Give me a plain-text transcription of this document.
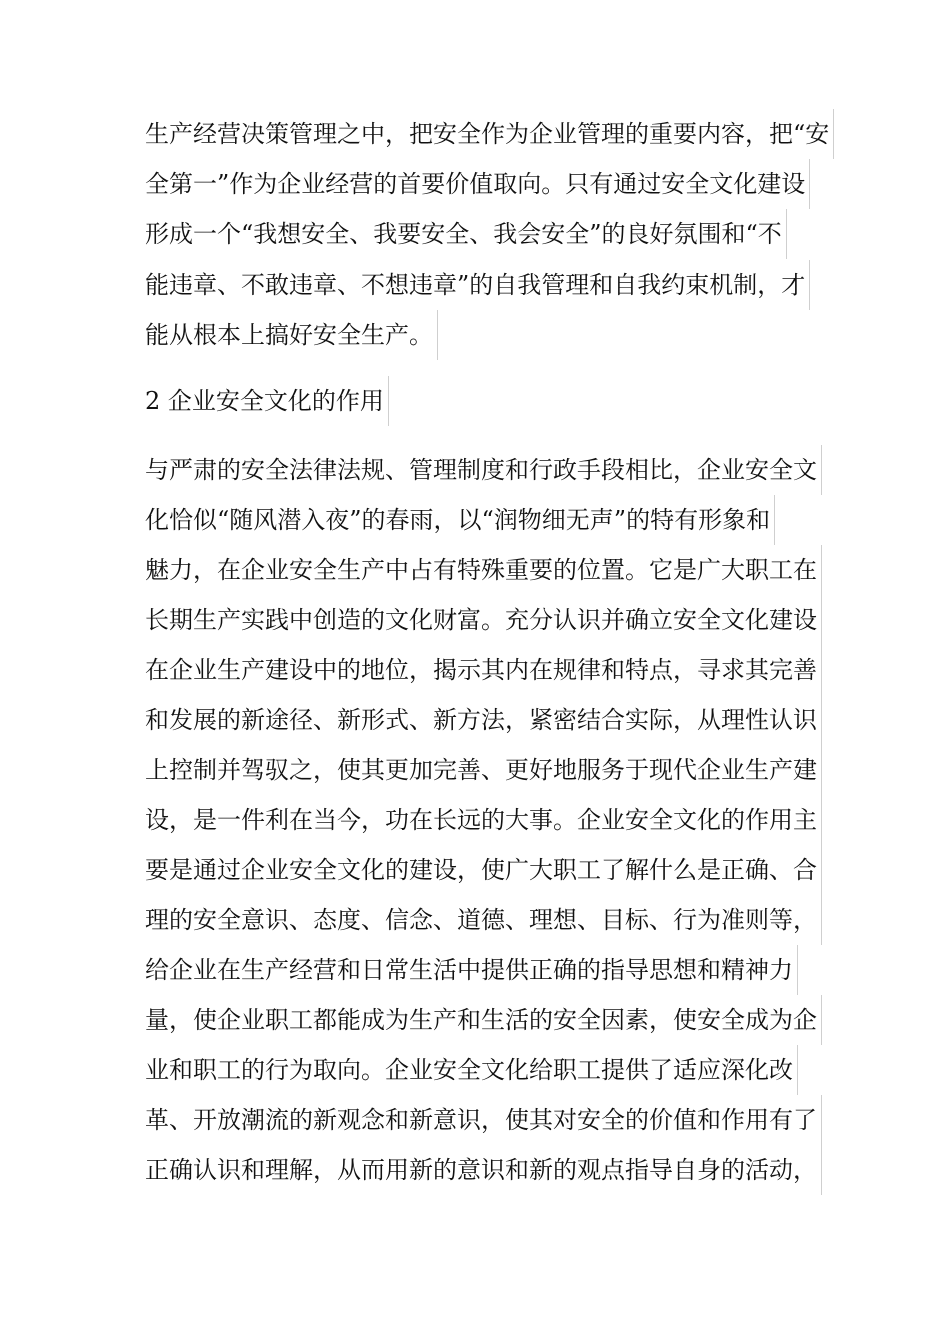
生产经营决策管理之中，把安全作为企业管理的重要内容，把“安
全第一”作为企业经营的首要价值取向。只有通过安全文化建设
形成一个“我想安全、我要安全、我会安全”的良好氛围和“不
能违章、不敢违章、不想违章”的自我管理和自我约束机制，才
能从根本上搞好安全生产。
2 企业安全文化的作用
与严肃的安全法律法规、管理制度和行政手段相比，企业安全文
化恰似“随风潜入夜”的春雨，以“润物细无声”的特有形象和
魅力，在企业安全生产中占有特殊重要的位置。它是广大职工在
长期生产实践中创造的文化财富。充分认识并确立安全文化建设
在企业生产建设中的地位，揭示其内在规律和特点，寻求其完善
和发展的新途径、新形式、新方法，紧密结合实际，从理性认识
上控制并驾驭之，使其更加完善、更好地服务于现代企业生产建
设，是一件利在当今，功在长远的大事。企业安全文化的作用主
要是通过企业安全文化的建设，使广大职工了解什么是正确、合
理的安全意识、态度、信念、道德、理想、目标、行为准则等，
给企业在生产经营和日常生活中提供正确的指导思想和精神力
量，使企业职工都能成为生产和生活的安全因素，使安全成为企
业和职工的行为取向。企业安全文化给职工提供了适应深化改
革、开放潮流的新观念和新意识，使其对安全的价值和作用有了
正确认识和理解，从而用新的意识和新的观点指导自身的活动，
